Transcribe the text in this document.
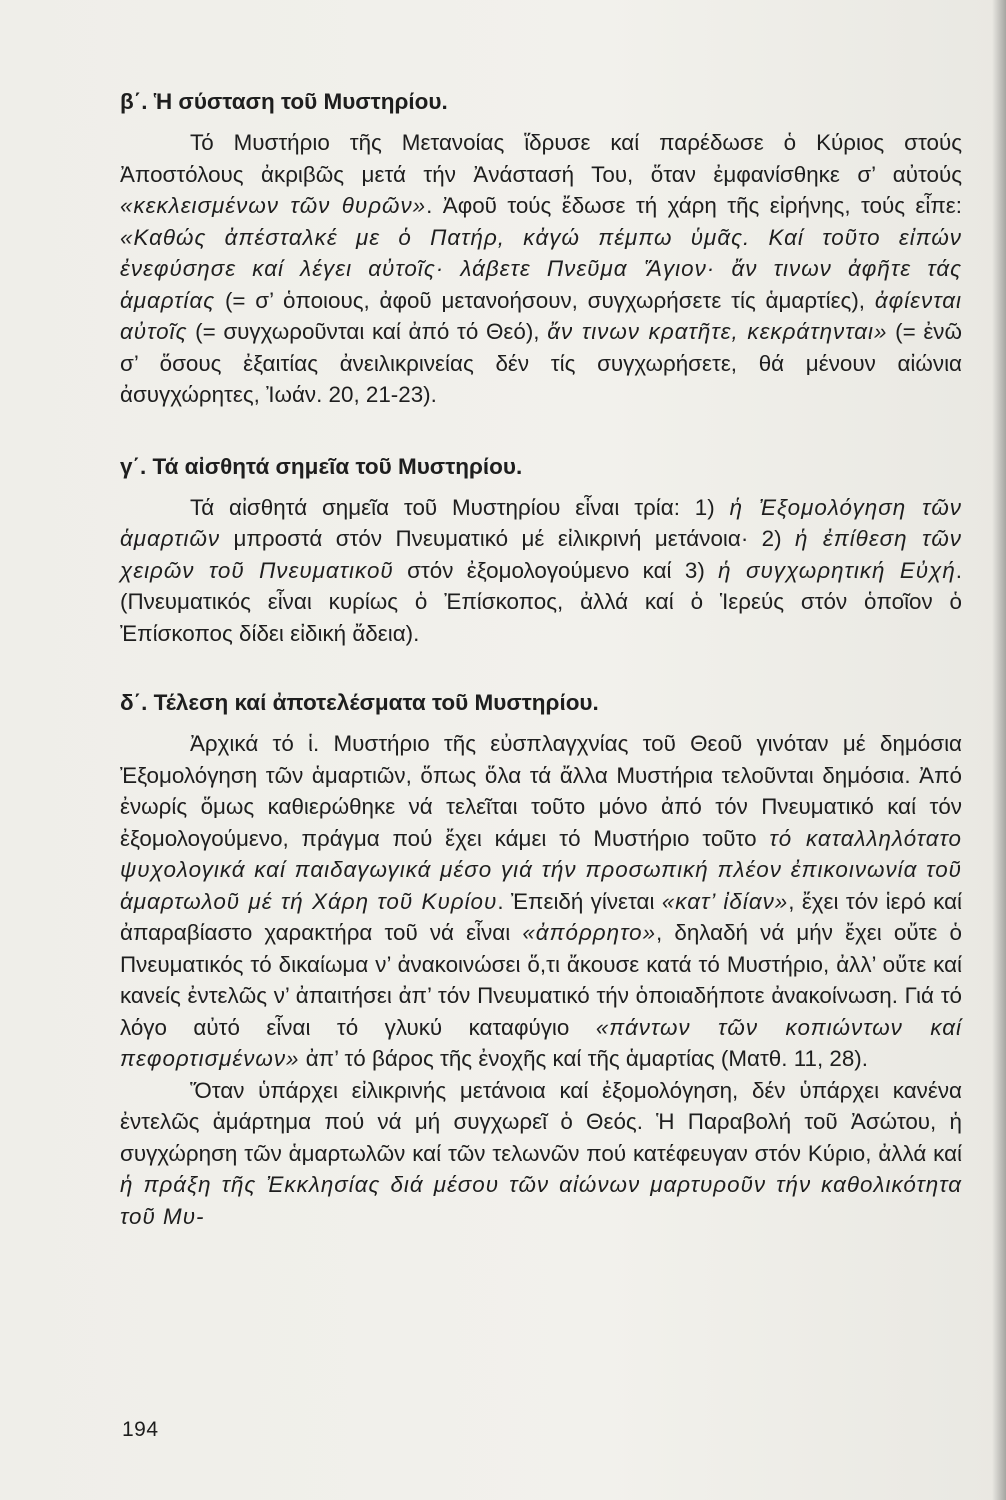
β΄. Ἡ σύσταση τοῦ Μυστηρίου.

Τό Μυστήριο τῆς Μετανοίας ἵδρυσε καί παρέδωσε ὁ Κύριος στούς Ἀποστόλους ἀκριβῶς μετά τήν Ἀνάστασή Του, ὅταν ἐμφανίσθηκε σ’ αὐτούς «κεκλεισμένων τῶν θυρῶν». Ἀφοῦ τούς ἔδωσε τή χάρη τῆς εἰρήνης, τούς εἶπε: «Καθώς ἀπέσταλκέ με ὁ Πατήρ, κἀγώ πέμπω ὑμᾶς. Καί τοῦτο εἰπών ἐνεφύσησε καί λέγει αὐτοῖς· λάβετε Πνεῦμα Ἅγιον· ἄν τινων ἀφῆτε τάς ἁμαρτίας (= σ’ ὁποιους, ἀφοῦ μετανοήσουν, συγχωρήσετε τίς ἁμαρτίες), ἀφίενται αὐτοῖς (= συγχωροῦνται καί ἀπό τό Θεό), ἄν τινων κρατῆτε, κεκράτηνται» (= ἐνῶ σ’ ὅσους ἐξαιτίας ἀνειλικρινείας δέν τίς συγχωρήσετε, θά μένουν αἰώνια ἀσυγχώρητες, Ἰωάν. 20, 21-23).

γ΄. Τά αἰσθητά σημεῖα τοῦ Μυστηρίου.

Τά αἰσθητά σημεῖα τοῦ Μυστηρίου εἶναι τρία: 1) ἡ Ἐξομολόγηση τῶν ἁμαρτιῶν μπροστά στόν Πνευματικό μέ εἰλικρινή μετάνοια· 2) ἡ ἐπίθεση τῶν χειρῶν τοῦ Πνευματικοῦ στόν ἐξομολογούμενο καί 3) ἡ συγχωρητική Εὐχή. (Πνευματικός εἶναι κυρίως ὁ Ἐπίσκοπος, ἀλλά καί ὁ Ἱερεύς στόν ὁποῖον ὁ Ἐπίσκοπος δίδει εἰδική ἄδεια).

δ΄. Τέλεση καί ἀποτελέσματα τοῦ Μυστηρίου.

Ἀρχικά τό ἱ. Μυστήριο τῆς εὐσπλαγχνίας τοῦ Θεοῦ γινόταν μέ δημόσια Ἐξομολόγηση τῶν ἁμαρτιῶν, ὅπως ὅλα τά ἄλλα Μυστήρια τελοῦνται δημόσια. Ἀπό ἐνωρίς ὅμως καθιερώθηκε νά τελεῖται τοῦτο μόνο ἀπό τόν Πνευματικό καί τόν ἐξομολογούμενο, πράγμα πού ἔχει κάμει τό Μυστήριο τοῦτο τό καταλληλότατο ψυχολογικά καί παιδαγωγικά μέσο γιά τήν προσωπική πλέον ἐπικοινωνία τοῦ ἁμαρτωλοῦ μέ τή Χάρη τοῦ Κυρίου. Ἐπειδή γίνεται «κατ’ ἰδίαν», ἔχει τόν ἱερό καί ἀπαραβίαστο χαρακτήρα τοῦ νά εἶναι «ἀπόρρητο», δηλαδή νά μήν ἔχει οὔτε ὁ Πνευματικός τό δικαίωμα ν’ ἀνακοινώσει ὅ,τι ἄκουσε κατά τό Μυστήριο, ἀλλ’ οὔτε καί κανείς ἐντελῶς ν’ ἀπαιτήσει ἀπ’ τόν Πνευματικό τήν ὁποιαδήποτε ἀνακοίνωση. Γιά τό λόγο αὐτό εἶναι τό γλυκύ καταφύγιο «πάντων τῶν κοπιώντων καί πεφορτισμένων» ἀπ’ τό βάρος τῆς ἐνοχῆς καί τῆς ἁμαρτίας (Ματθ. 11, 28).

Ὅταν ὑπάρχει εἰλικρινής μετάνοια καί ἐξομολόγηση, δέν ὑπάρχει κανένα ἐντελῶς ἁμάρτημα πού νά μή συγχωρεῖ ὁ Θεός. Ἡ Παραβολή τοῦ Ἀσώτου, ἡ συγχώρηση τῶν ἁμαρτωλῶν καί τῶν τελωνῶν πού κατέφευγαν στόν Κύριο, ἀλλά καί ἡ πράξη τῆς Ἐκκλησίας διά μέσου τῶν αἰώνων μαρτυροῦν τήν καθολικότητα τοῦ Μυ-

194
